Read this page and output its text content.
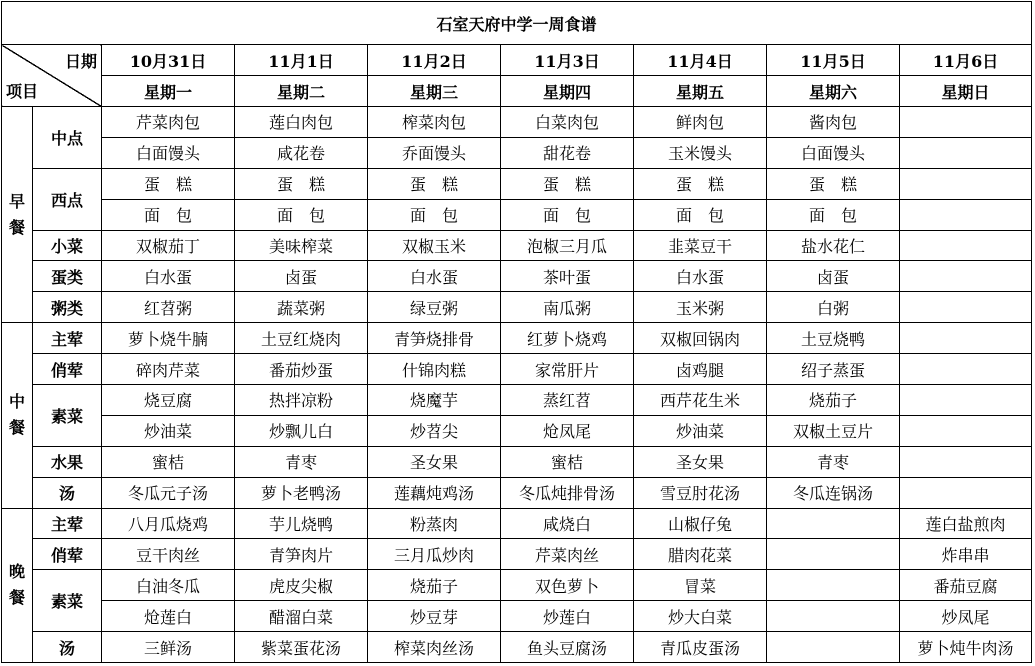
石室天府中学一周食谱								

日期
项目		10月31日	11月1日	11月2日	11月3日	11月4日	11月5日	11月6日
		星期一	星期二	星期三	星期四	星期五	星期六	星期日

早
餐	中点	芹菜肉包	莲白肉包	榨菜肉包	白菜肉包	鲜肉包	酱肉包	
		白面馒头	咸花卷	乔面馒头	甜花卷	玉米馒头	白面馒头	
	西点	蛋　糕	蛋　糕	蛋　糕	蛋　糕	蛋　糕	蛋　糕	
		面　包	面　包	面　包	面　包	面　包	面　包	
	小菜	双椒茄丁	美味榨菜	双椒玉米	泡椒三月瓜	韭菜豆干	盐水花仁	
	蛋类	白水蛋	卤蛋	白水蛋	茶叶蛋	白水蛋	卤蛋	
	粥类	红苕粥	蔬菜粥	绿豆粥	南瓜粥	玉米粥	白粥	

中
餐	主荤	萝卜烧牛腩	土豆红烧肉	青笋烧排骨	红萝卜烧鸡	双椒回锅肉	土豆烧鸭	
	俏荤	碎肉芹菜	番茄炒蛋	什锦肉糕	家常肝片	卤鸡腿	绍子蒸蛋	
	素菜	烧豆腐	热拌凉粉	烧魔芋	蒸红苕	西芹花生米	烧茄子	
		炒油菜	炒飘儿白	炒苕尖	炝凤尾	炒油菜	双椒土豆片	
	水果	蜜桔	青枣	圣女果	蜜桔	圣女果	青枣	
	汤	冬瓜元子汤	萝卜老鸭汤	莲藕炖鸡汤	冬瓜炖排骨汤	雪豆肘花汤	冬瓜连锅汤	

晚
餐	主荤	八月瓜烧鸡	芋儿烧鸭	粉蒸肉	咸烧白	山椒仔兔		莲白盐煎肉
	俏荤	豆干肉丝	青笋肉片	三月瓜炒肉	芹菜肉丝	腊肉花菜		炸串串
	素菜	白油冬瓜	虎皮尖椒	烧茄子	双色萝卜	冒菜		番茄豆腐
		炝莲白	醋溜白菜	炒豆芽	炒莲白	炒大白菜		炒凤尾
	汤	三鲜汤	紫菜蛋花汤	榨菜肉丝汤	鱼头豆腐汤	青瓜皮蛋汤		萝卜炖牛肉汤
